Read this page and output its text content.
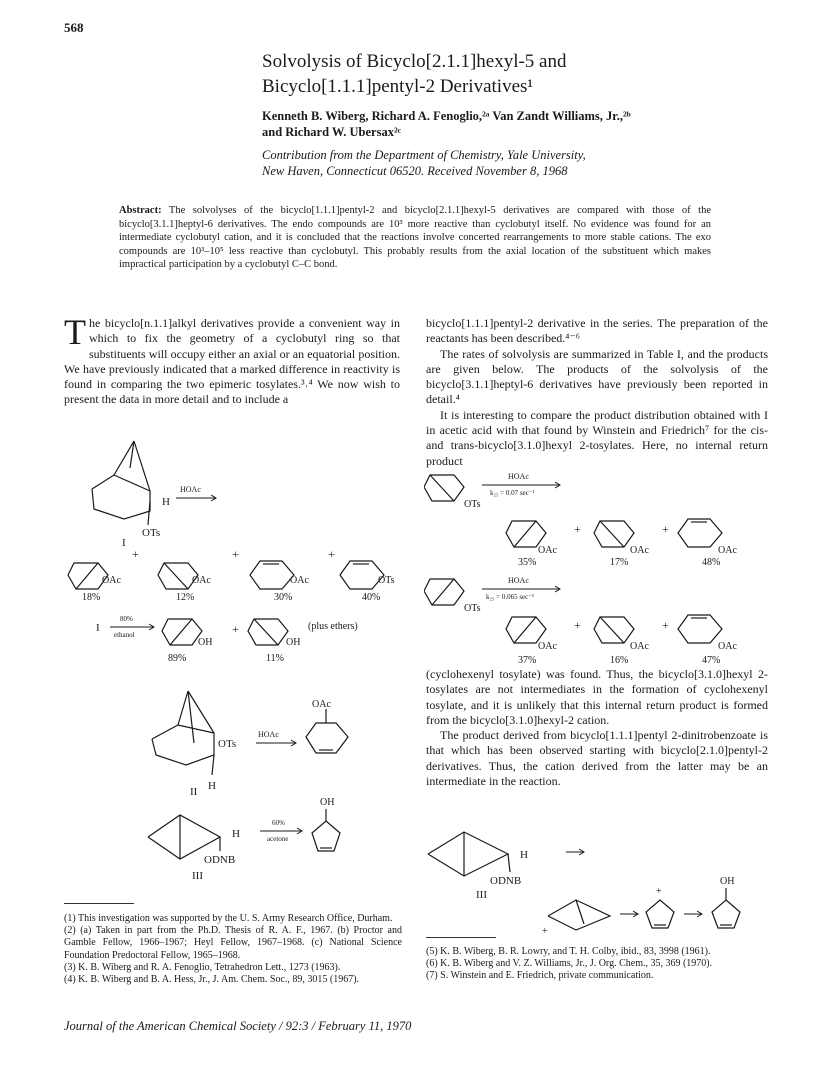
568
Solvolysis of Bicyclo[2.1.1]hexyl-5 and
Bicyclo[1.1.1]pentyl-2 Derivatives¹
Kenneth B. Wiberg, Richard A. Fenoglio,²ᵃ Van Zandt Williams, Jr.,²ᵇ
and Richard W. Ubersax²ᶜ
Contribution from the Department of Chemistry, Yale University,
New Haven, Connecticut 06520. Received November 8, 1968
Abstract: The solvolyses of the bicyclo[1.1.1]pentyl-2 and bicyclo[2.1.1]hexyl-5 derivatives are compared with those of the bicyclo[3.1.1]heptyl-6 derivatives. The endo compounds are 10³ more reactive than cyclobutyl itself. No evidence was found for an intermediate cyclobutyl cation, and it is concluded that the reactions involve concerted rearrangements to more stable cations. The exo compounds are 10³–10⁵ less reactive than cyclobutyl. This probably results from the axial location of the substituent which makes impractical participation by a cyclobutyl C–C bond.

The bicyclo[n.1.1]alkyl derivatives provide a convenient way in which to fix the geometry of a cyclobutyl ring so that substituents will occupy either an axial or an equatorial position. We have previously indicated that a marked difference in reactivity is found in comparing the two epimeric tosylates.³˒⁴ We now wish to present the data in more detail and to include a

bicyclo[1.1.1]pentyl-2 derivative in the series. The preparation of the reactants has been described.⁴⁻⁶

The rates of solvolysis are summarized in Table I, and the products are given below. The products of the solvolysis of the bicyclo[3.1.1]heptyl-6 derivatives have previously been reported in detail.⁴

It is interesting to compare the product distribution obtained with I in acetic acid with that found by Winstein and Friedrich⁷ for the cis- and trans-bicyclo[3.1.0]hexyl 2-tosylates. Here, no internal return product

(cyclohexenyl tosylate) was found. Thus, the bicyclo[3.1.0]hexyl 2-tosylates are not intermediates in the formation of cyclohexenyl tosylate, and it is unlikely that this internal return product is formed from the bicyclo[3.1.0]hexyl-2 cation.

The product derived from bicyclo[1.1.1]pentyl 2-dinitrobenzoate is that which has been observed starting with bicyclo[2.1.0]pentyl-2 derivatives. Thus, the cation derived from the latter may be an intermediate in the reaction.

H
OTs
I
HOAc
OAc
18%
+
OAc
12%
+
OAc
30%
+
OTs
40%
I
80%
ethanol
OH
89%
+
OH
11%
(plus ethers)
OTs
H
II
HOAc
OAc
H
ODNB
III
60%
acetone
OH
OTs
HOAc
k₂₅ = 0.07 sec⁻¹
OAc
35%
+
OAc
17%
+
OAc
48%
OTs
HOAc
k₂₅ = 0.065 sec⁻¹
OAc
37%
+
OAc
16%
+
OAc
47%
H
ODNB
III
+
+
OH

(1) This investigation was supported by the U. S. Army Research Office, Durham.

(2) (a) Taken in part from the Ph.D. Thesis of R. A. F., 1967. (b) Proctor and Gamble Fellow, 1966–1967; Heyl Fellow, 1967–1968. (c) National Science Foundation Predoctoral Fellow, 1965–1968.

(3) K. B. Wiberg and R. A. Fenoglio, Tetrahedron Lett., 1273 (1963).

(4) K. B. Wiberg and B. A. Hess, Jr., J. Am. Chem. Soc., 89, 3015 (1967).

(5) K. B. Wiberg, B. R. Lowry, and T. H. Colby, ibid., 83, 3998 (1961).

(6) K. B. Wiberg and V. Z. Williams, Jr., J. Org. Chem., 35, 369 (1970).

(7) S. Winstein and E. Friedrich, private communication.

Journal of the American Chemical Society / 92:3 / February 11, 1970
